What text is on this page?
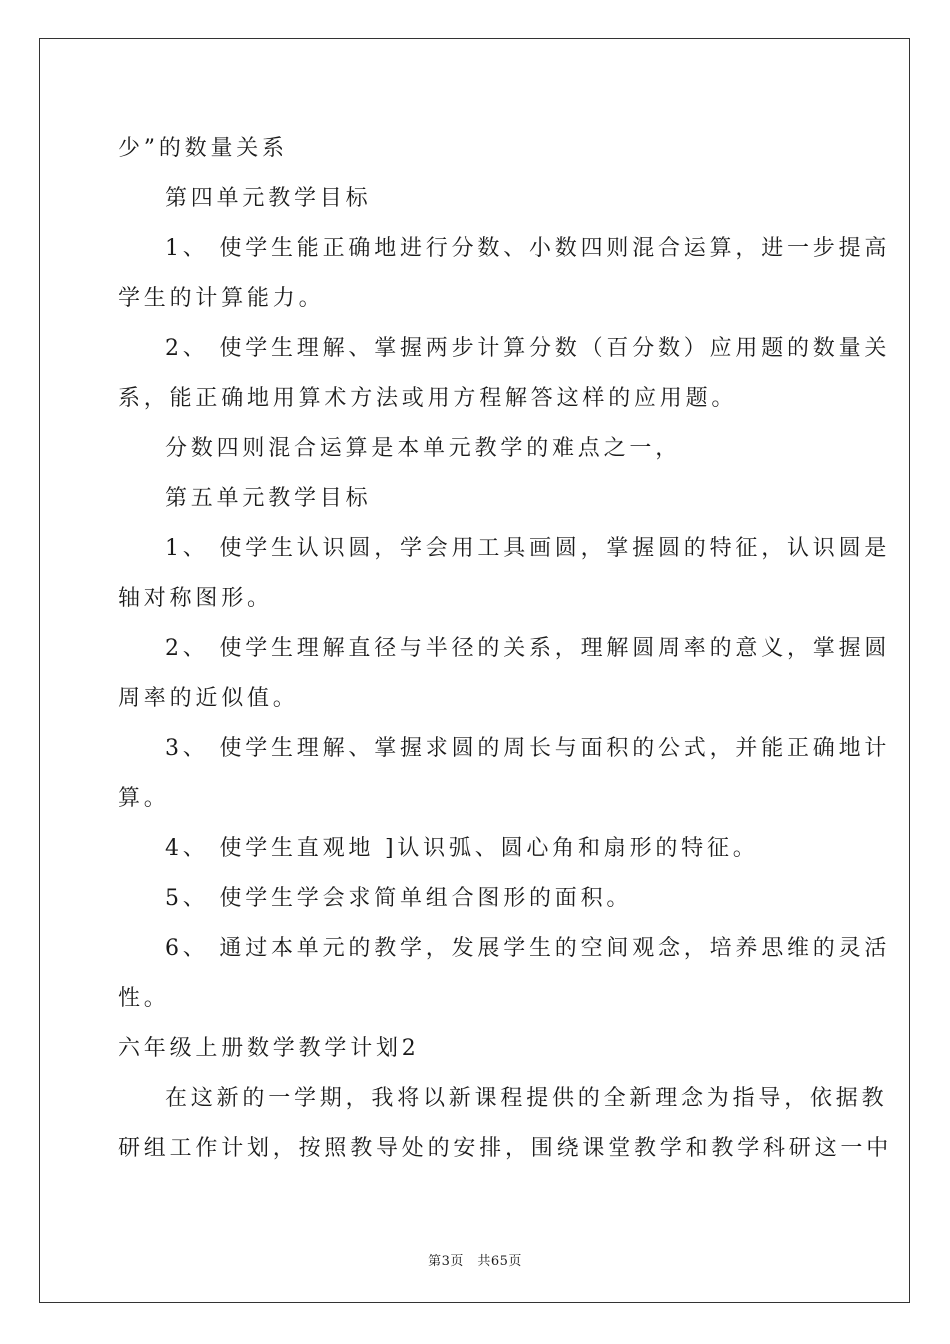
少”的数量关系
第四单元教学目标
1、 使学生能正确地进行分数、小数四则混合运算，进一步提高
学生的计算能力。
2、 使学生理解、掌握两步计算分数（百分数）应用题的数量关
系，能正确地用算术方法或用方程解答这样的应用题。
分数四则混合运算是本单元教学的难点之一，
第五单元教学目标
1、 使学生认识圆，学会用工具画圆，掌握圆的特征，认识圆是
轴对称图形。
2、 使学生理解直径与半径的关系，理解圆周率的意义，掌握圆
周率的近似值。
3、 使学生理解、掌握求圆的周长与面积的公式，并能正确地计
算。
4、 使学生直观地 ]认识弧、圆心角和扇形的特征。
5、 使学生学会求简单组合图形的面积。
6、 通过本单元的教学，发展学生的空间观念，培养思维的灵活
性。
六年级上册数学教学计划2
在这新的一学期，我将以新课程提供的全新理念为指导，依据教
研组工作计划，按照教导处的安排，围绕课堂教学和教学科研这一中
第3页　共65页
